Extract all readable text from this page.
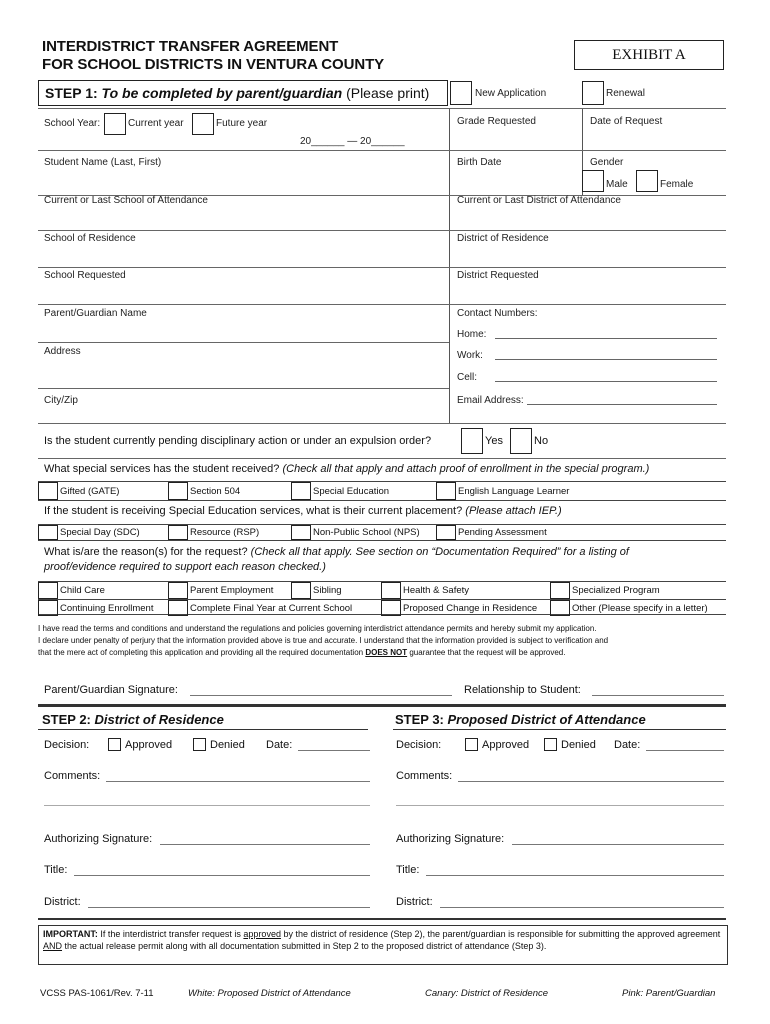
INTERDISTRICT TRANSFER AGREEMENT
FOR SCHOOL DISTRICTS IN VENTURA COUNTY
EXHIBIT A
STEP 1: To be completed by parent/guardian (Please print)	New Application	Renewal
School Year:	Current year	Future year
20______ — 20______
Grade Requested	Date of Request
Student Name (Last, First)	Birth Date	Gender
Male	Female
Current or Last School of Attendance	Current or Last District of Attendance
School of Residence	District of Residence
School Requested	District Requested
Parent/Guardian Name
Address
City/Zip
Contact Numbers:
Home:
Work:
Cell:
Email Address:
Is the student currently pending disciplinary action or under an expulsion order?	Yes	No
What special services has the student received? (Check all that apply and attach proof of enrollment in the special program.)
Gifted (GATE)	Section 504	Special Education	English Language Learner
If the student is receiving Special Education services, what is their current placement? (Please attach IEP.)
Special Day (SDC)	Resource (RSP)	Non-Public School (NPS)	Pending Assessment
What is/are the reason(s) for the request? (Check all that apply. See section on “Documentation Required” for a listing of
proof/evidence required to support each reason checked.)
Child Care	Parent Employment	Sibling	Health & Safety	Specialized Program
Continuing Enrollment	Complete Final Year at Current School	Proposed Change in Residence	Other (Please specify in a letter)
I have read the terms and conditions and understand the regulations and policies governing interdistrict attendance permits and hereby submit my application.
I declare under penalty of perjury that the information provided above is true and accurate. I understand that the information provided is subject to verification and
that the mere act of completing this application and providing all the required documentation DOES NOT guarantee that the request will be approved.
Parent/Guardian Signature:	Relationship to Student:
STEP 2: District of Residence	STEP 3: Proposed District of Attendance
Decision:	Approved	Denied Date:
Comments:
Authorizing Signature:
Title:
District:
Decision:	Approved	Denied Date:
Comments:
Authorizing Signature:
Title:
District:
IMPORTANT: If the interdistrict transfer request is approved by the district of residence (Step 2), the parent/guardian is responsible for submitting the approved agreement AND the actual release permit along with all documentation submitted in Step 2 to the proposed district of attendance (Step 3).
VCSS PAS-1061/Rev. 7-11	White: Proposed District of Attendance	Canary: District of Residence	Pink: Parent/Guardian
